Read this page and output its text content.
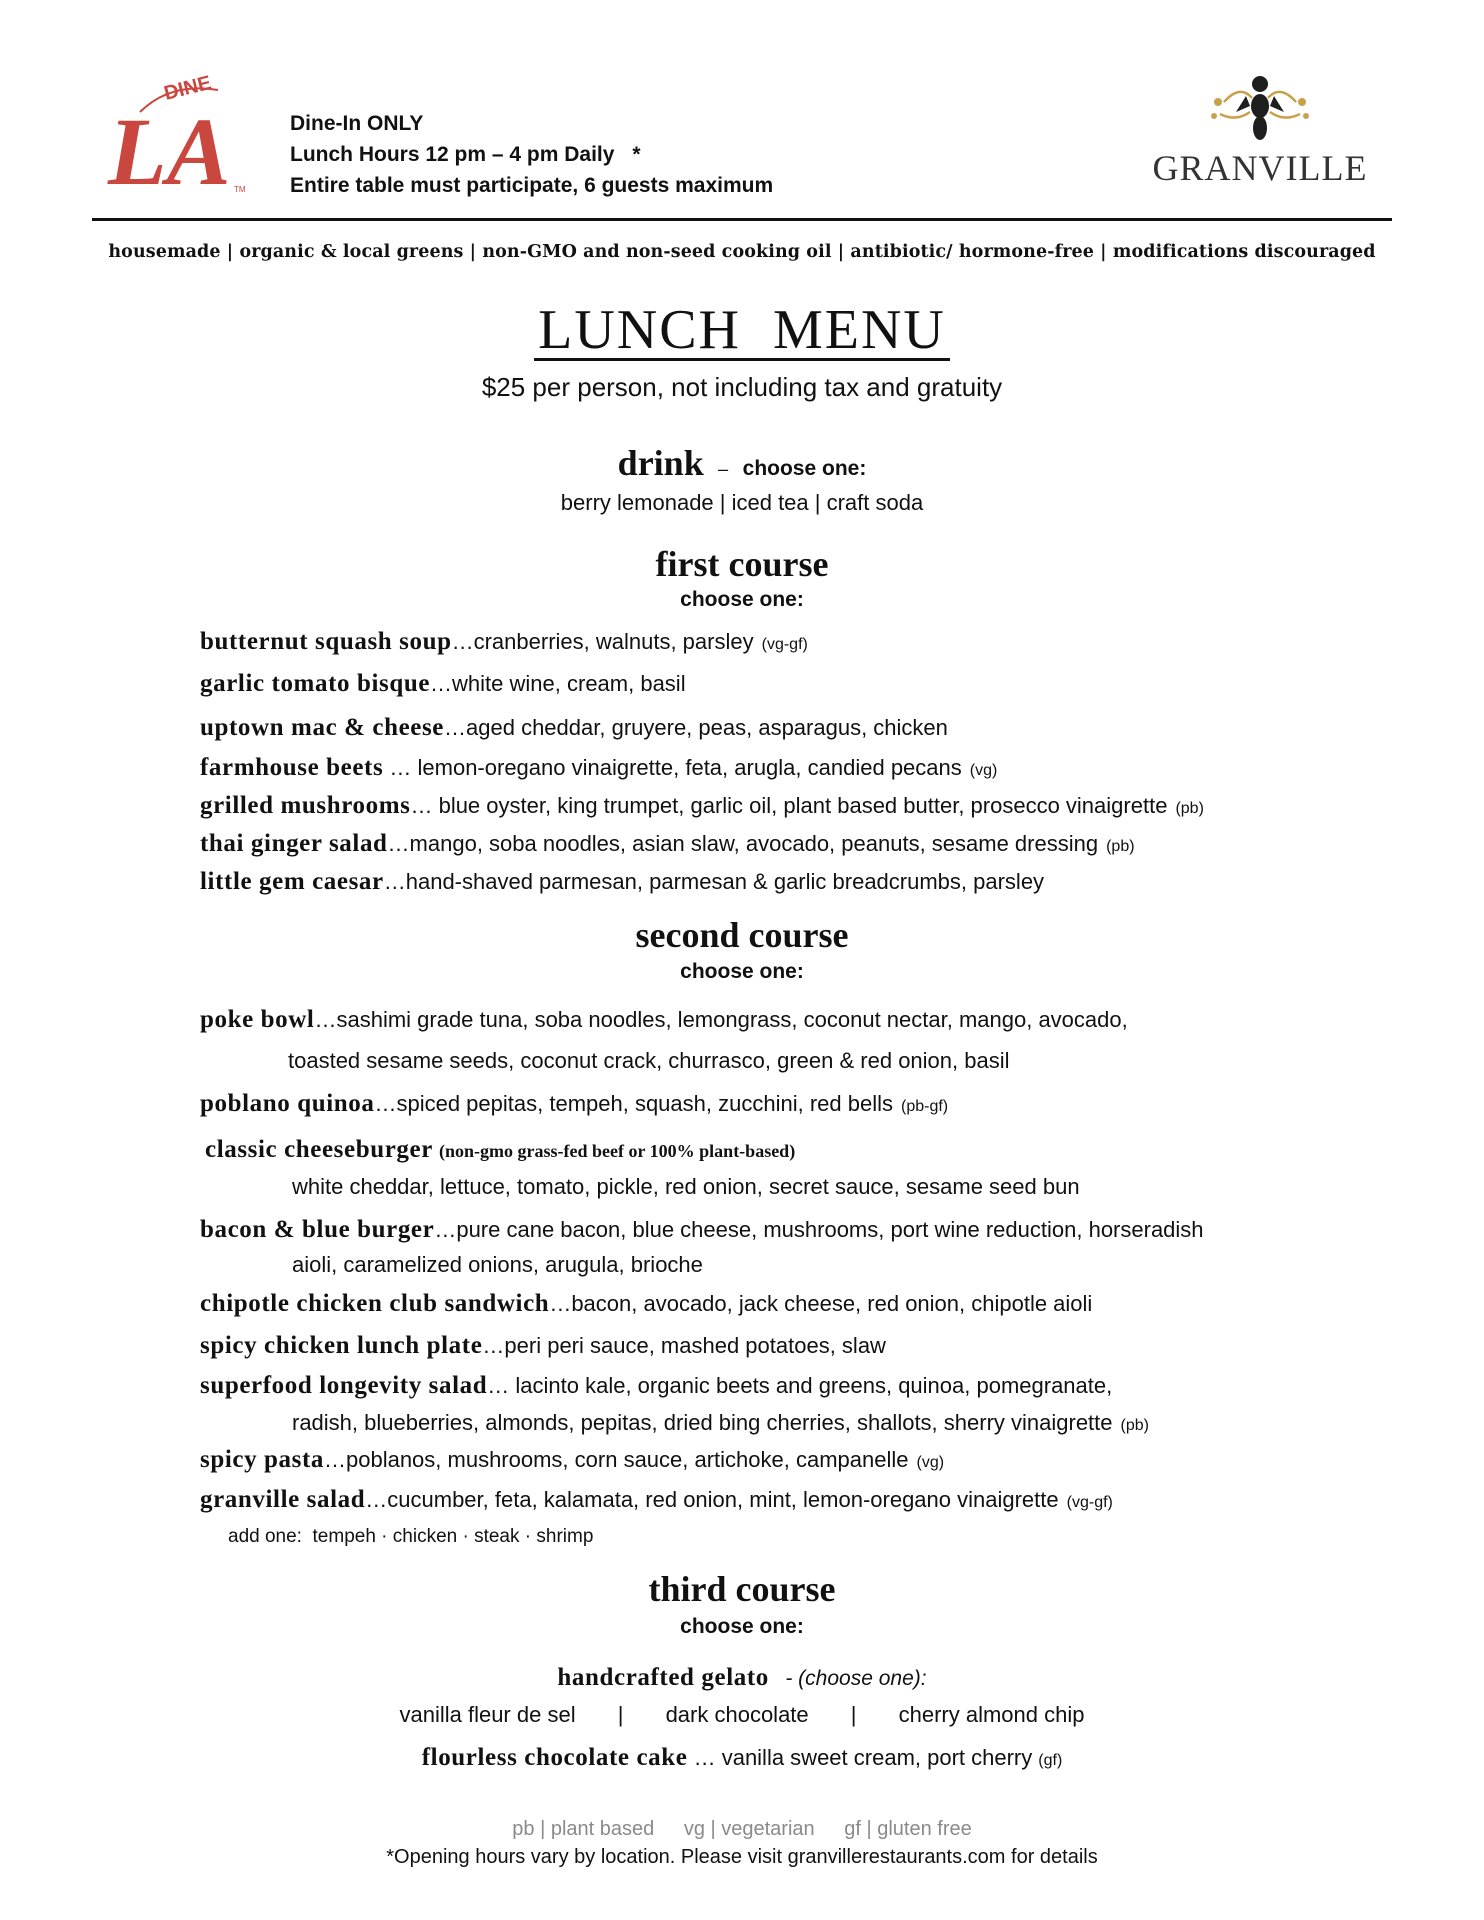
DINE
LA TM
Dine-In ONLY
Lunch Hours 12 pm – 4 pm Daily *
Entire table must participate, 6 guests maximum	GRANVILLE
housemade | organic & local greens | non-GMO and non-seed cooking oil | antibiotic/ hormone-free | modifications discouraged
LUNCH  MENU
$25 per person, not including tax and gratuity
drink – choose one:
berry lemonade | iced tea | craft soda
first course
choose one:
butternut squash soup…cranberries, walnuts, parsley (vg-gf)
garlic tomato bisque…white wine, cream, basil
uptown mac & cheese…aged cheddar, gruyere, peas, asparagus, chicken
farmhouse beets … lemon-oregano vinaigrette, feta, arugla, candied pecans (vg)
grilled mushrooms… blue oyster, king trumpet, garlic oil, plant based butter, prosecco vinaigrette (pb)
thai ginger salad…mango, soba noodles, asian slaw, avocado, peanuts, sesame dressing (pb)
little gem caesar…hand-shaved parmesan, parmesan & garlic breadcrumbs, parsley
second course
choose one:
poke bowl…sashimi grade tuna, soba noodles, lemongrass, coconut nectar, mango, avocado,
toasted sesame seeds, coconut crack, churrasco, green & red onion, basil
poblano quinoa…spiced pepitas, tempeh, squash, zucchini, red bells (pb-gf)
classic cheeseburger (non-gmo grass-fed beef or 100% plant-based)
white cheddar, lettuce, tomato, pickle, red onion, secret sauce, sesame seed bun
bacon & blue burger…pure cane bacon, blue cheese, mushrooms, port wine reduction, horseradish
aioli, caramelized onions, arugula, brioche
chipotle chicken club sandwich…bacon, avocado, jack cheese, red onion, chipotle aioli
spicy chicken lunch plate…peri peri sauce, mashed potatoes, slaw
superfood longevity salad… lacinto kale, organic beets and greens, quinoa, pomegranate,
radish, blueberries, almonds, pepitas, dried bing cherries, shallots, sherry vinaigrette (pb)
spicy pasta…poblanos, mushrooms, corn sauce, artichoke, campanelle (vg)
granville salad…cucumber, feta, kalamata, red onion, mint, lemon-oregano vinaigrette (vg-gf)
add one:  tempeh · chicken · steak · shrimp
third course
choose one:
handcrafted gelato - (choose one):
vanilla fleur de sel | dark chocolate | cherry almond chip
flourless chocolate cake … vanilla sweet cream, port cherry (gf)
pb | plant based vg | vegetarian gf | gluten free
*Opening hours vary by location. Please visit granvillerestaurants.com for details
